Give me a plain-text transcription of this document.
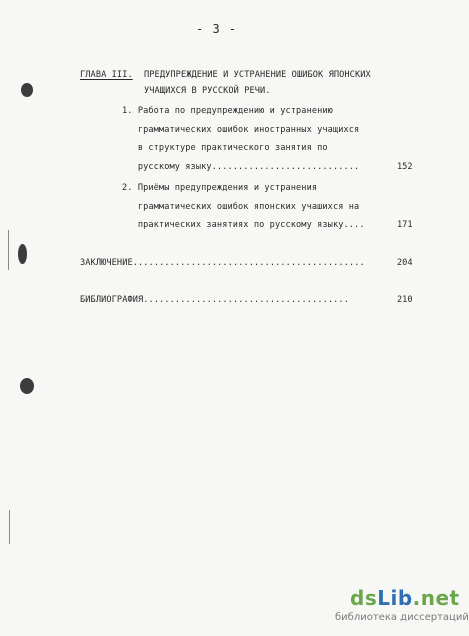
- 3 -
ГЛАВА III. ПРЕДУПРЕЖДЕНИЕ И УСТРАНЕНИЕ ОШИБОК ЯПОНСКИХ
УЧАЩИХСЯ В РУССКОЙ РЕЧИ.
1. Работа по предупреждению и устранению
грамматических ошибок иностранных учащихся
в структуре практического занятия по
русскому языку............................	152
2. Приёмы предупреждения и устранения
грамматических ошибок японских учашихся на
практических занятиях по русскому языку....	171
ЗАКЛЮЧЕНИЕ............................................	204
БИБЛИОГРАФИЯ.......................................	210
dsLib.net
библиотека диссертаций
